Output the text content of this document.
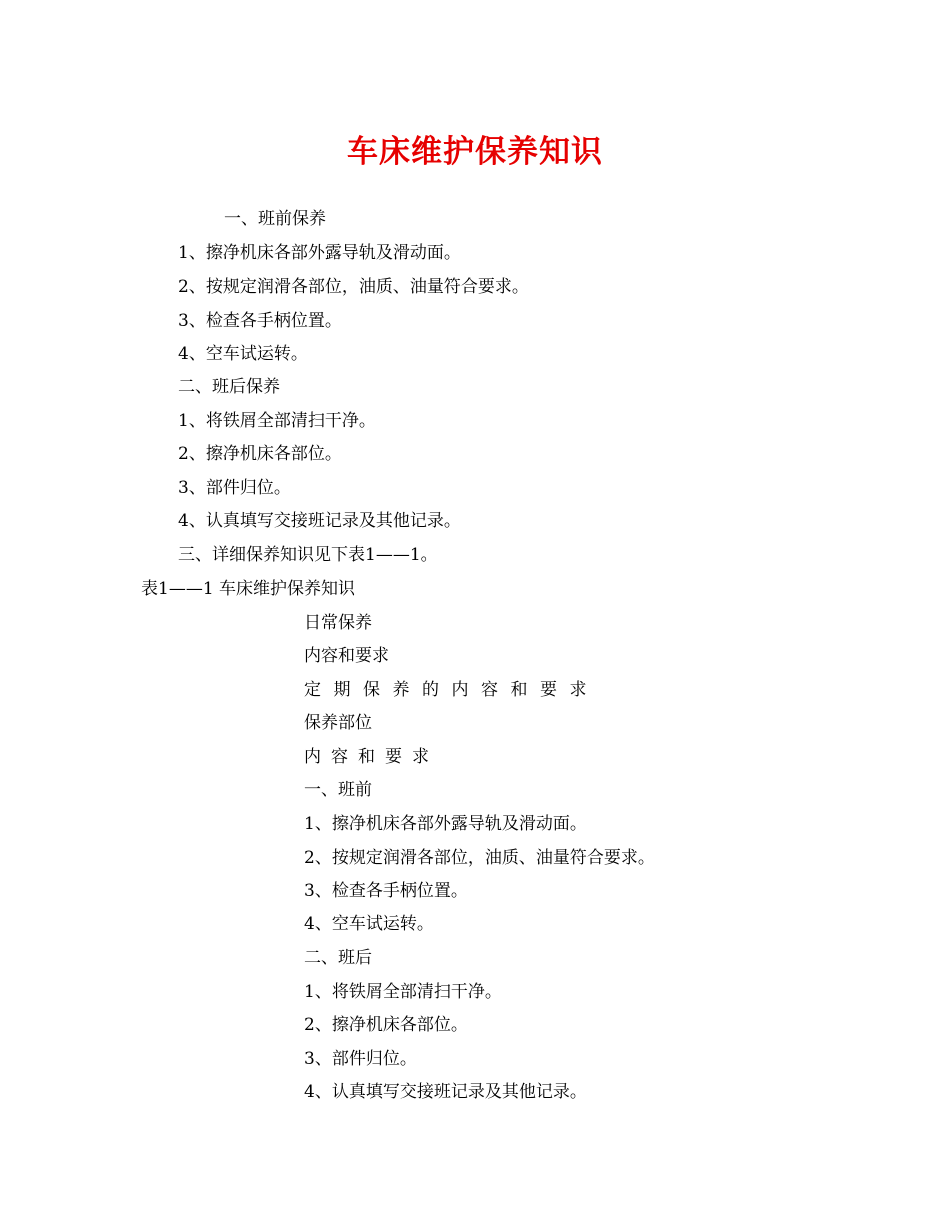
车床维护保养知识
一、班前保养
1、擦净机床各部外露导轨及滑动面。
2、按规定润滑各部位，油质、油量符合要求。
3、检查各手柄位置。
4、空车试运转。
二、班后保养
1、将铁屑全部清扫干净。
2、擦净机床各部位。
3、部件归位。
4、认真填写交接班记录及其他记录。
三、详细保养知识见下表1——1。
表1——1 车床维护保养知识
日常保养
内容和要求
定期保养的内容和要求
保养部位
内容和要求
一、班前
1、擦净机床各部外露导轨及滑动面。
2、按规定润滑各部位，油质、油量符合要求。
3、检查各手柄位置。
4、空车试运转。
二、班后
1、将铁屑全部清扫干净。
2、擦净机床各部位。
3、部件归位。
4、认真填写交接班记录及其他记录。
